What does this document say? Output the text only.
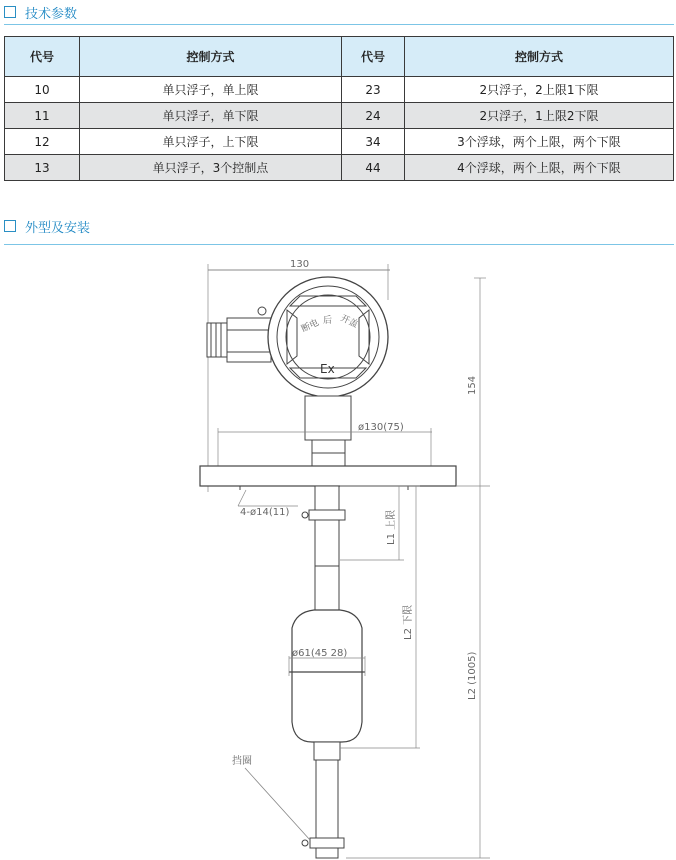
技术参数
代号	控制方式	代号	控制方式
10	单只浮子，单上限	23	2只浮子，2上限1下限
11	单只浮子，单下限	24	2只浮子，1上限2下限
12	单只浮子，上下限	34	3个浮球，两个上限，两个下限
13	单只浮子，3个控制点	44	4个浮球，两个上限，两个下限
外型及安装
130
154
ø130(75)
4-ø14(11)	L1 上限
L2 下限
L2 (1005)
ø61(45 28)
挡圈
断电 后 开盖
Ex
